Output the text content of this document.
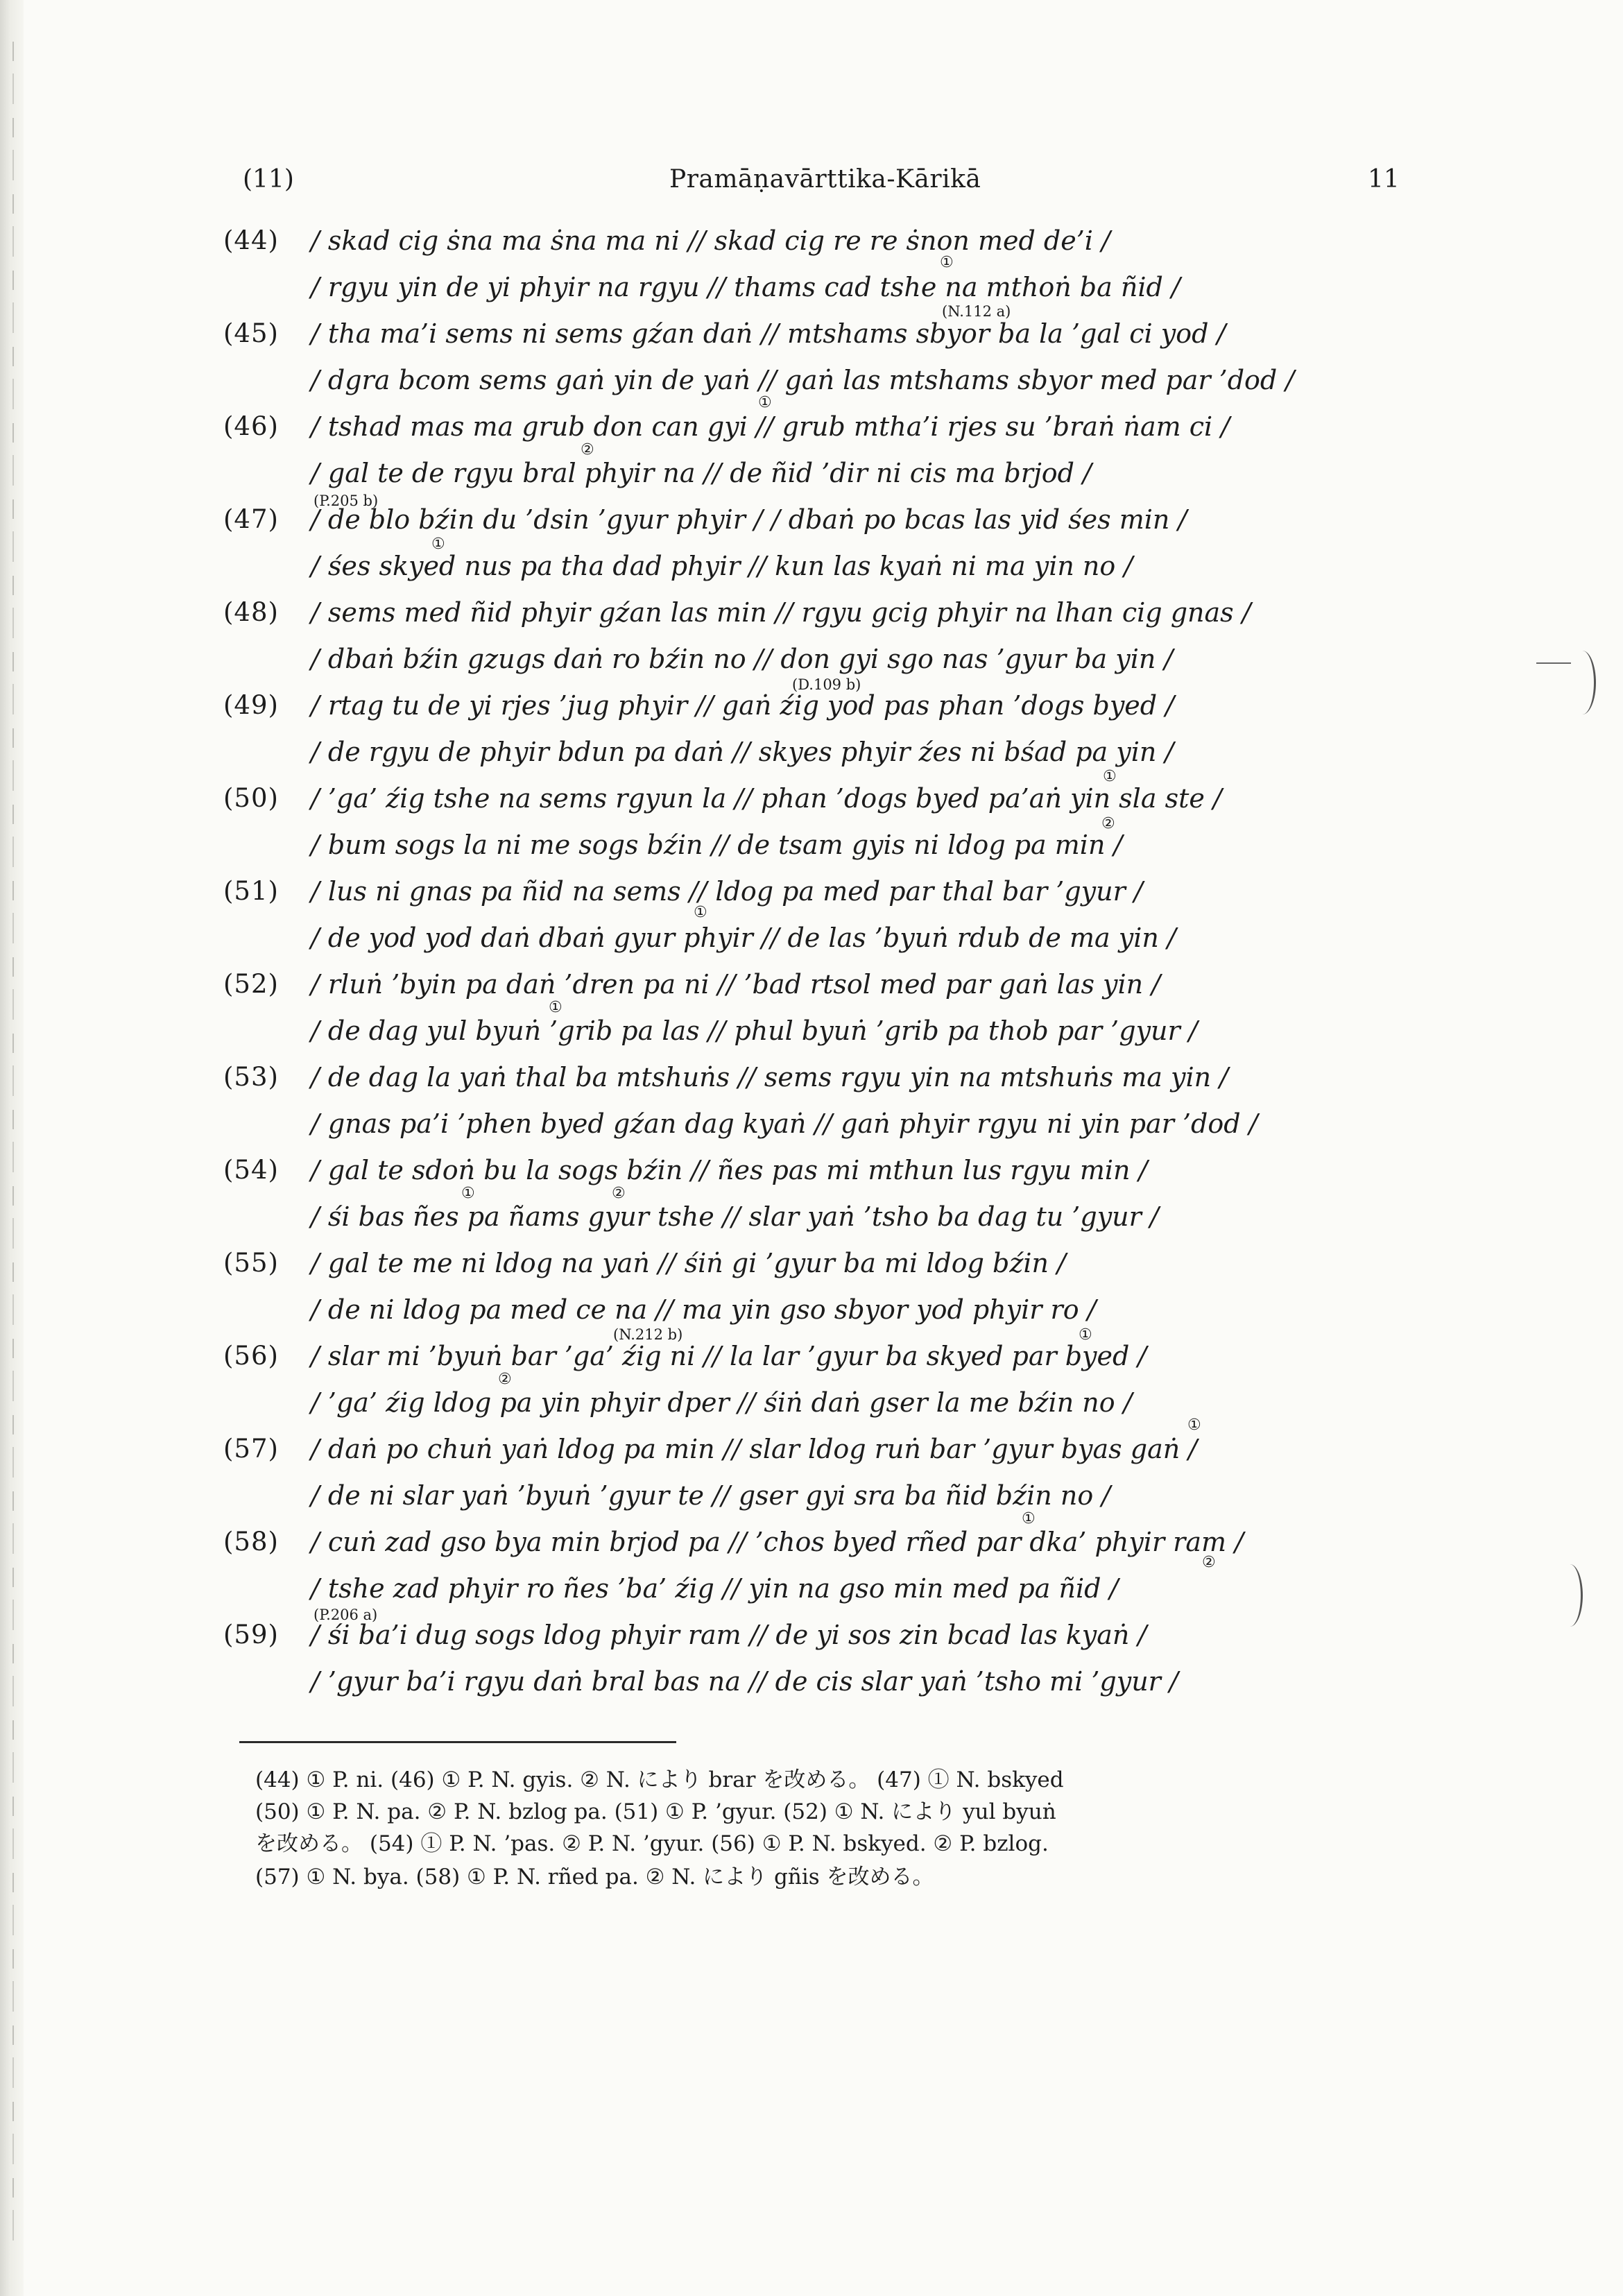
(11)	Pramāṇavārttika-Kārikā	11
(44) / skad cig ṡna ma ṡna ma ni // skad cig re re ṡnon med de’i /
/ rgyu yin de yi phyir na rgyu // thams cad tshe na mthoṅ ba ñid /
(45) / tha ma’i sems ni sems gźan daṅ // mtshams sbyor ba la ’gal ci yod /
/ dgra bcom sems gaṅ yin de yaṅ // gaṅ las mtshams sbyor med par ’dod /
(46) / tshad mas ma grub don can gyi // grub mtha’i rjes su ’braṅ ṅam ci /
/ gal te de rgyu bral phyir na // de ñid ’dir ni cis ma brjod /
(47) / de blo bźin du ’dsin ’gyur phyir / / dbaṅ po bcas las yid śes min /
/ śes skyed nus pa tha dad phyir // kun las kyaṅ ni ma yin no /
(48) / sems med ñid phyir gźan las min // rgyu gcig phyir na lhan cig gnas /
/ dbaṅ bźin gzugs daṅ ro bźin no // don gyi sgo nas ’gyur ba yin /
(49) / rtag tu de yi rjes ’jug phyir // gaṅ źig yod pas phan ’dogs byed /
/ de rgyu de phyir bdun pa daṅ // skyes phyir źes ni bśad pa yin /
(50) / ’ga’ źig tshe na sems rgyun la // phan ’dogs byed pa’aṅ yin sla ste /
/ bum sogs la ni me sogs bźin // de tsam gyis ni ldog pa min /
(51) / lus ni gnas pa ñid na sems // ldog pa med par thal bar ’gyur /
/ de yod yod daṅ dbaṅ gyur phyir // de las ’byuṅ rdub de ma yin /
(52) / rluṅ ’byin pa daṅ ’dren pa ni // ’bad rtsol med par gaṅ las yin /
/ de dag yul byuṅ ’grib pa las // phul byuṅ ’grib pa thob par ’gyur /
(53) / de dag la yaṅ thal ba mtshuṅs // sems rgyu yin na mtshuṅs ma yin /
/ gnas pa’i ’phen byed gźan dag kyaṅ // gaṅ phyir rgyu ni yin par ’dod /
(54) / gal te sdoṅ bu la sogs bźin // ñes pas mi mthun lus rgyu min /
/ śi bas ñes pa ñams gyur tshe // slar yaṅ ’tsho ba dag tu ’gyur /
(55) / gal te me ni ldog na yaṅ // śiṅ gi ’gyur ba mi ldog bźin /
/ de ni ldog pa med ce na // ma yin gso sbyor yod phyir ro /
(56) / slar mi ’byuṅ bar ’ga’ źig ni // la lar ’gyur ba skyed par byed /
/ ’ga’ źig ldog pa yin phyir dper // śiṅ daṅ gser la me bźin no /
(57) / daṅ po chuṅ yaṅ ldog pa min // slar ldog ruṅ bar ’gyur byas gaṅ /
/ de ni slar yaṅ ’byuṅ ’gyur te // gser gyi sra ba ñid bźin no /
(58) / cuṅ zad gso bya min brjod pa // ’chos byed rñed par dka’ phyir ram /
/ tshe zad phyir ro ñes ’ba’ źig // yin na gso min med pa ñid /
(59) / śi ba’i dug sogs ldog phyir ram // de yi sos zin bcad las kyaṅ /
/ ’gyur ba’i rgyu daṅ bral bas na // de cis slar yaṅ ’tsho mi ’gyur /
①
(N.112 a)
①
②
(P.205 b)
①
(D.109 b)
①
②
①
①
①	②
(N.212 b)	①
②
①
①
②
(P.206 a)
(44) ① P. ni. (46) ① P. N. gyis. ② N. により brar を改める。 (47) ① N. bskyed
(50) ① P. N. pa. ② P. N. bzlog pa. (51) ① P. ’gyur. (52) ① N. により yul byuṅ
を改める。 (54) ① P. N. ’pas. ② P. N. ’gyur. (56) ① P. N. bskyed. ② P. bzlog.
(57) ① N. bya. (58) ① P. N. rñed pa. ② N. により gñis を改める。
